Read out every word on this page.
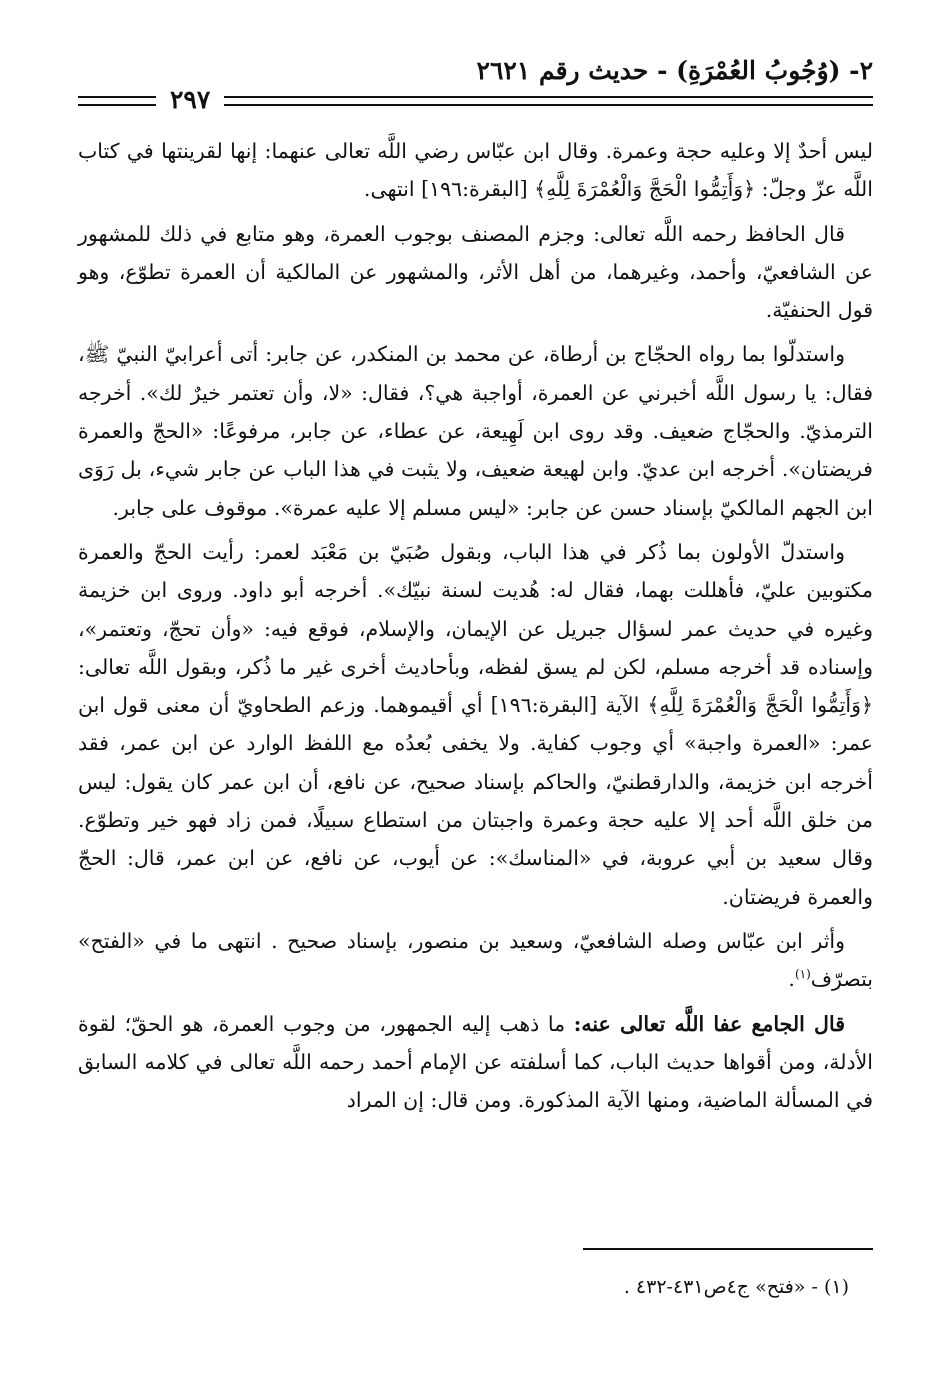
٢- (وُجُوبُ العُمْرَةِ) - حديث رقم ٢٦٢١
٢٩٧

ليس أحدٌ إلا وعليه حجة وعمرة. وقال ابن عبّاس رضي اللَّه تعالى عنهما: إنها لقرينتها في كتاب اللَّه عزّ وجلّ: ﴿وَأَتِمُّوا الْحَجَّ وَالْعُمْرَةَ لِلَّهِ﴾ [البقرة:١٩٦] انتهى.

قال الحافظ رحمه اللَّه تعالى: وجزم المصنف بوجوب العمرة، وهو متابع في ذلك للمشهور عن الشافعيّ، وأحمد، وغيرهما، من أهل الأثر، والمشهور عن المالكية أن العمرة تطوّع، وهو قول الحنفيّة.

واستدلّوا بما رواه الحجّاج بن أرطاة، عن محمد بن المنكدر، عن جابر: أتى أعرابيّ النبيّ ﷺ، فقال: يا رسول اللَّه أخبرني عن العمرة، أواجبة هي؟، فقال: «لا، وأن تعتمر خيرٌ لك». أخرجه الترمذيّ. والحجّاج ضعيف. وقد روى ابن لَهِيعة، عن عطاء، عن جابر، مرفوعًا: «الحجّ والعمرة فريضتان». أخرجه ابن عديّ. وابن لهيعة ضعيف، ولا يثبت في هذا الباب عن جابر شيء، بل رَوَى ابن الجهم المالكيّ بإسناد حسن عن جابر: «ليس مسلم إلا عليه عمرة». موقوف على جابر.

واستدلّ الأولون بما ذُكر في هذا الباب، وبقول صُبَيّ بن مَعْبَد لعمر: رأيت الحجّ والعمرة مكتوبين عليّ، فأهللت بهما، فقال له: هُديت لسنة نبيّك». أخرجه أبو داود. وروى ابن خزيمة وغيره في حديث عمر لسؤال جبريل عن الإيمان، والإسلام، فوقع فيه: «وأن تحجّ، وتعتمر»، وإسناده قد أخرجه مسلم، لكن لم يسق لفظه، وبأحاديث أخرى غير ما ذُكر، وبقول اللَّه تعالى: ﴿وَأَتِمُّوا الْحَجَّ وَالْعُمْرَةَ لِلَّهِ﴾ الآية [البقرة:١٩٦] أي أقيموهما. وزعم الطحاويّ أن معنى قول ابن عمر: «العمرة واجبة» أي وجوب كفاية. ولا يخفى بُعدُه مع اللفظ الوارد عن ابن عمر، فقد أخرجه ابن خزيمة، والدارقطنيّ، والحاكم بإسناد صحيح، عن نافع، أن ابن عمر كان يقول: ليس من خلق اللَّه أحد إلا عليه حجة وعمرة واجبتان من استطاع سبيلًا، فمن زاد فهو خير وتطوّع. وقال سعيد بن أبي عروبة، في «المناسك»: عن أيوب، عن نافع، عن ابن عمر، قال: الحجّ والعمرة فريضتان.

وأثر ابن عبّاس وصله الشافعيّ، وسعيد بن منصور، بإسناد صحيح . انتهى ما في «الفتح» بتصرّف$^{(١)}$.

قال الجامع عفا اللَّه تعالى عنه: ما ذهب إليه الجمهور، من وجوب العمرة، هو الحقّ؛ لقوة الأدلة، ومن أقواها حديث الباب، كما أسلفته عن الإمام أحمد رحمه اللَّه تعالى في كلامه السابق في المسألة الماضية، ومنها الآية المذكورة. ومن قال: إن المراد

(١) - «فتح» ج٤ص٤٣١-٤٣٢ .
